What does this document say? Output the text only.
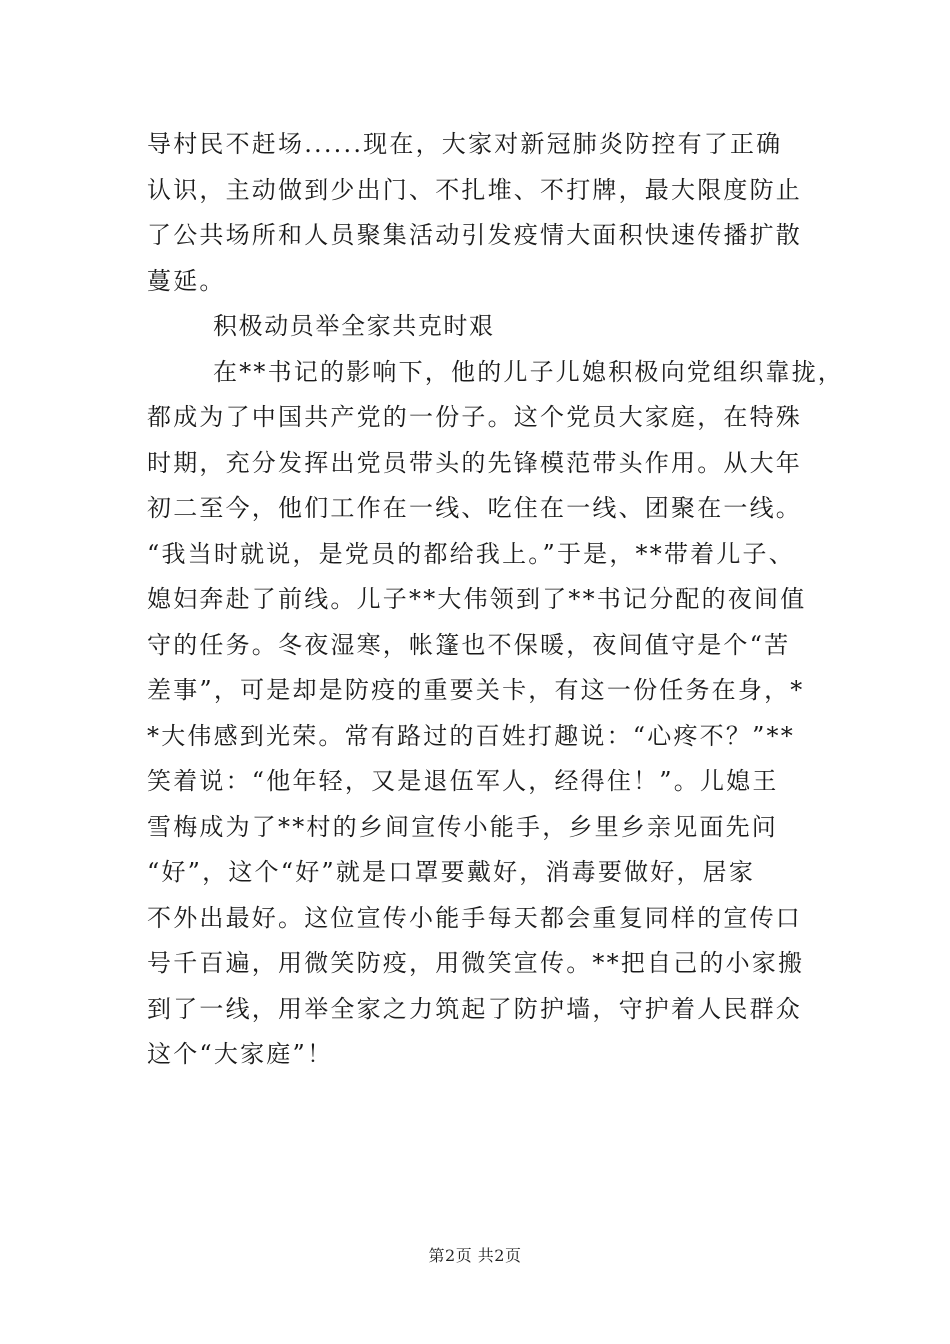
导村民不赶场......现在，大家对新冠肺炎防控有了正确
认识，主动做到少出门、不扎堆、不打牌，最大限度防止
了公共场所和人员聚集活动引发疫情大面积快速传播扩散
蔓延。
积极动员举全家共克时艰
在**书记的影响下，他的儿子儿媳积极向党组织靠拢，
都成为了中国共产党的一份子。这个党员大家庭，在特殊
时期，充分发挥出党员带头的先锋模范带头作用。从大年
初二至今，他们工作在一线、吃住在一线、团聚在一线。
“我当时就说，是党员的都给我上。”于是，**带着儿子、
媳妇奔赴了前线。儿子**大伟领到了**书记分配的夜间值
守的任务。冬夜湿寒，帐篷也不保暖，夜间值守是个“苦
差事”，可是却是防疫的重要关卡，有这一份任务在身，*
*大伟感到光荣。常有路过的百姓打趣说：“心疼不？”**
笑着说：“他年轻，又是退伍军人，经得住！”。儿媳王
雪梅成为了**村的乡间宣传小能手，乡里乡亲见面先问
“好”，这个“好”就是口罩要戴好，消毒要做好，居家
不外出最好。这位宣传小能手每天都会重复同样的宣传口
号千百遍，用微笑防疫，用微笑宣传。**把自己的小家搬
到了一线，用举全家之力筑起了防护墙，守护着人民群众
这个“大家庭”！
第2页 共2页
